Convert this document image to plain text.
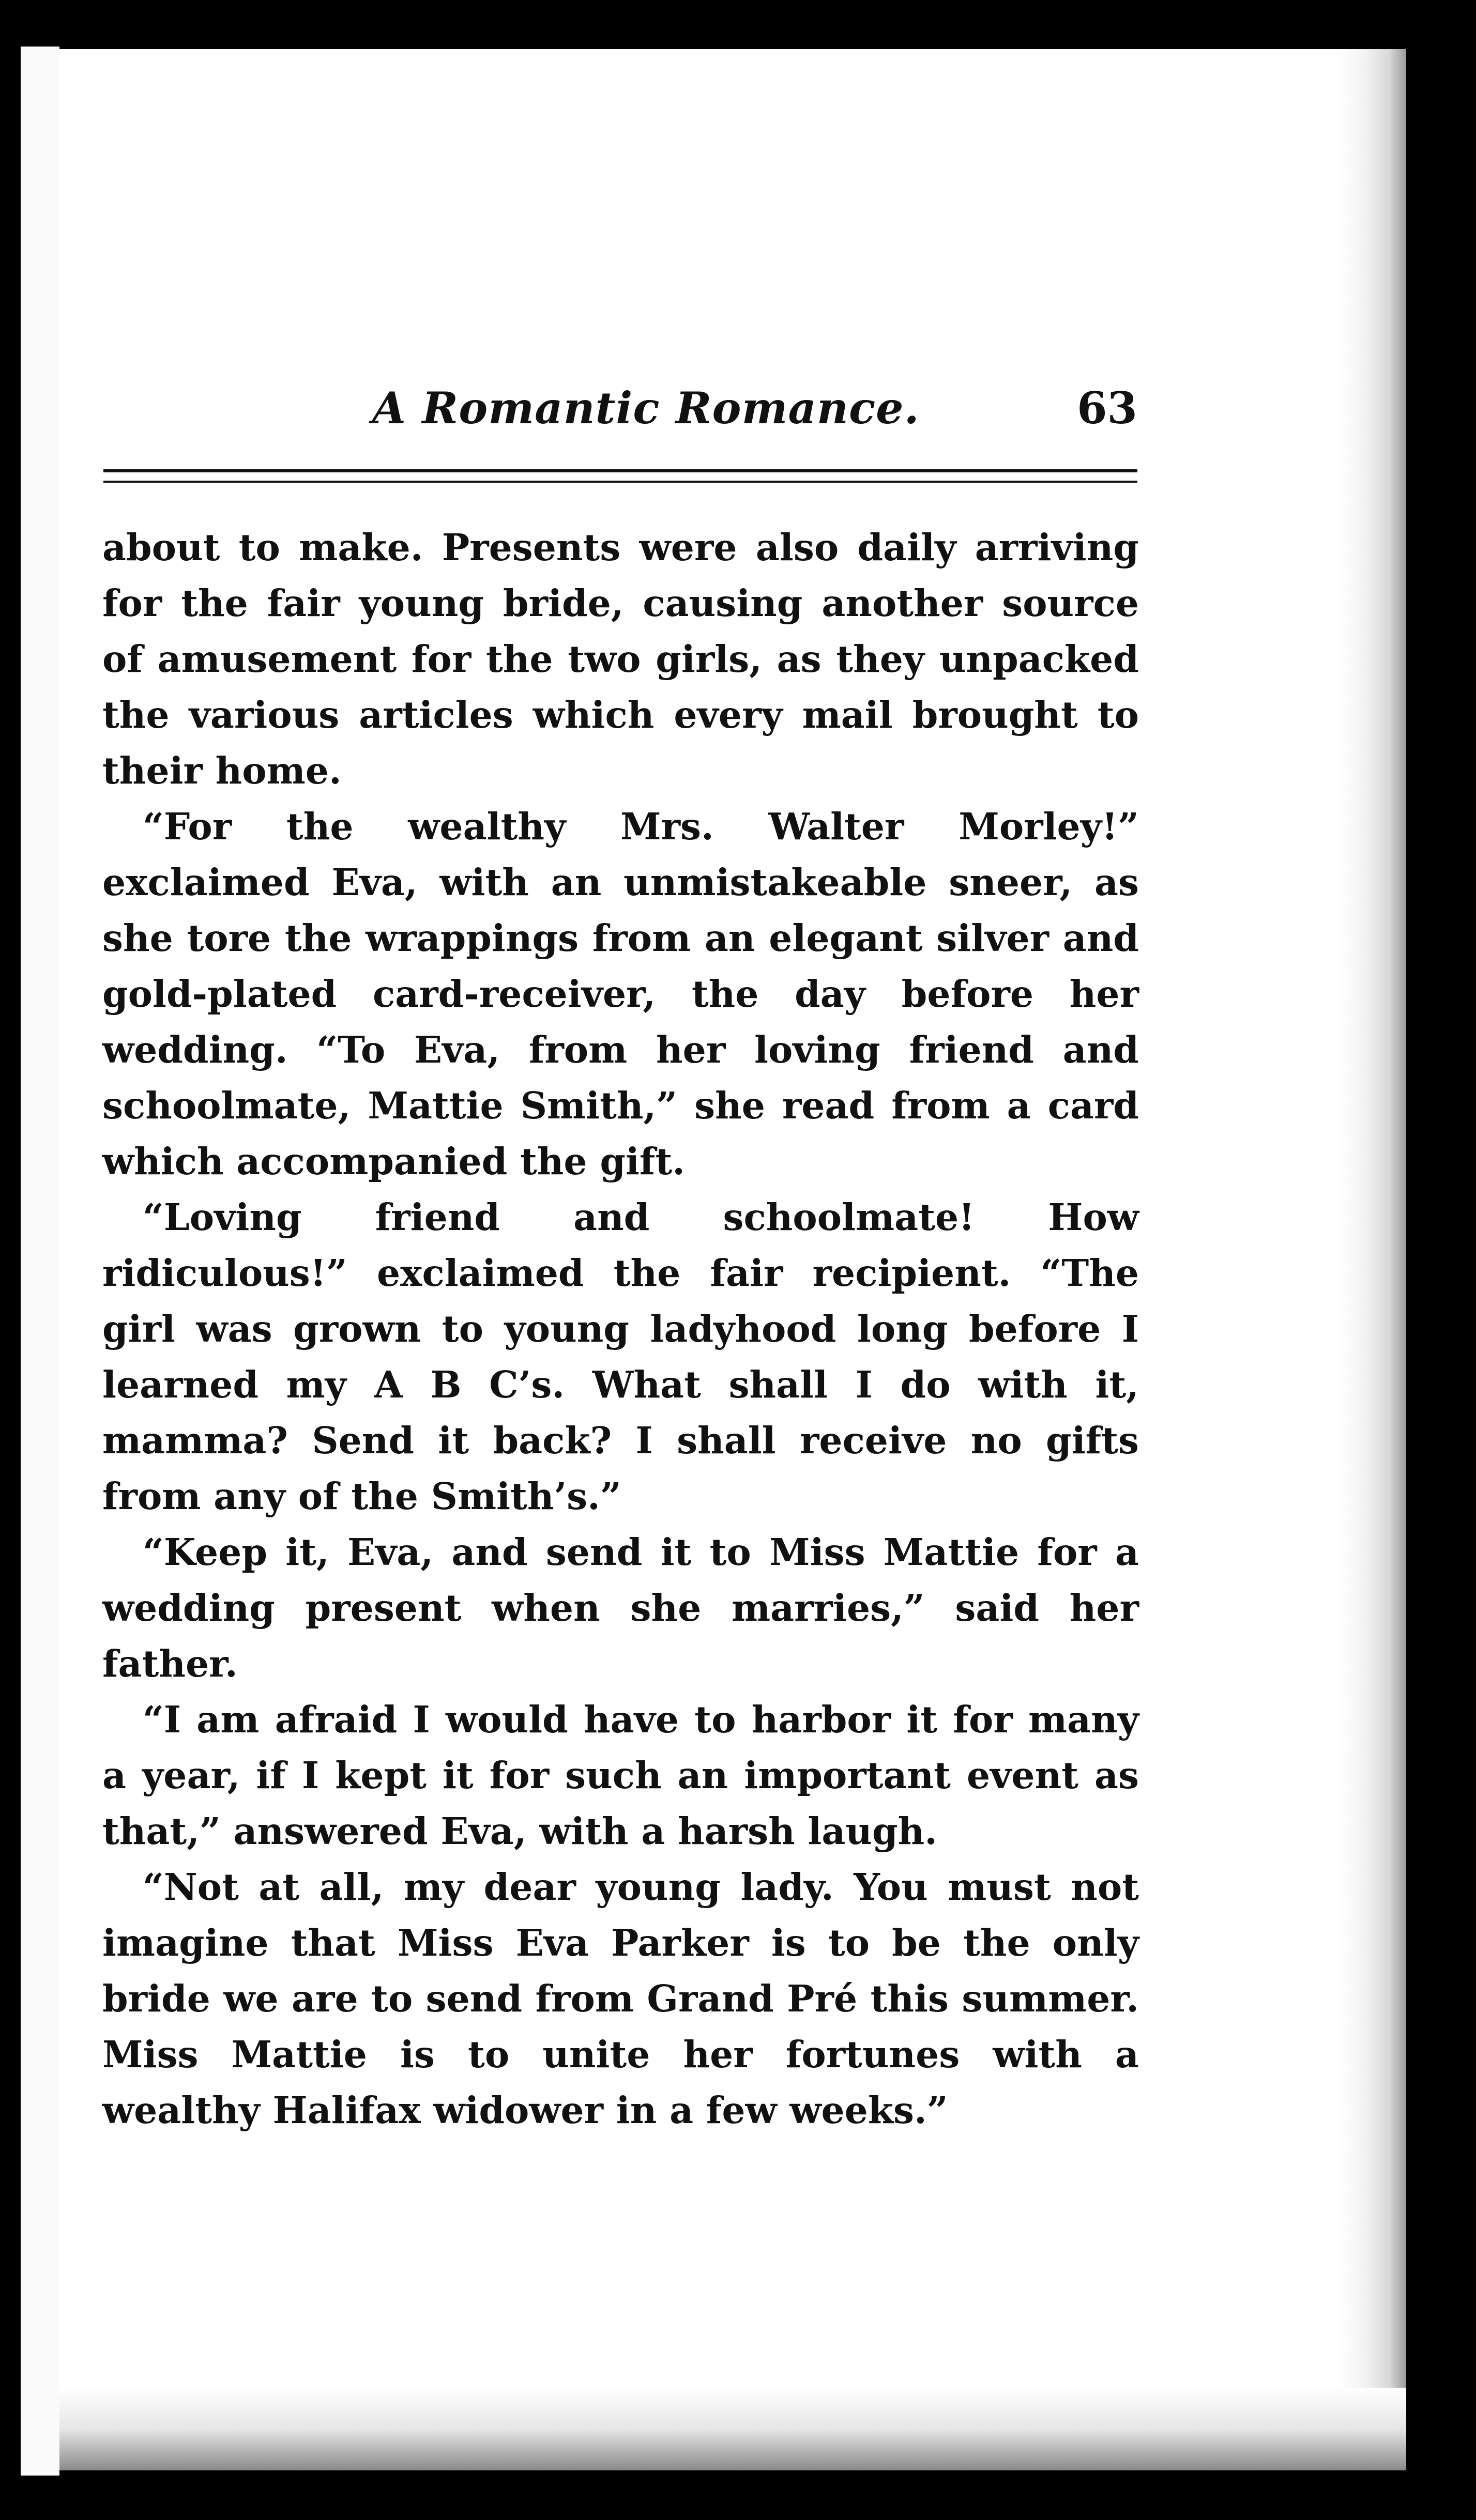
A Romantic Romance.	63

about to make. Presents were also daily arriving for the fair young bride, causing another source of amusement for the two girls, as they unpacked the various articles which every mail brought to their home.

“For the wealthy Mrs. Walter Morley!” exclaimed Eva, with an unmistakeable sneer, as she tore the wrappings from an elegant silver and gold-plated card-receiver, the day before her wedding. “To Eva, from her loving friend and schoolmate, Mattie Smith,” she read from a card which accompanied the gift.

“Loving friend and schoolmate! How ridiculous!” exclaimed the fair recipient. “The girl was grown to young ladyhood long before I learned my A B C’s. What shall I do with it, mamma? Send it back? I shall receive no gifts from any of the Smith’s.”

“Keep it, Eva, and send it to Miss Mattie for a wedding present when she marries,” said her father.

“I am afraid I would have to harbor it for many a year, if I kept it for such an important event as that,” answered Eva, with a harsh laugh.

“Not at all, my dear young lady. You must not imagine that Miss Eva Parker is to be the only bride we are to send from Grand Pré this summer. Miss Mattie is to unite her fortunes with a wealthy Halifax widower in a few weeks.”
